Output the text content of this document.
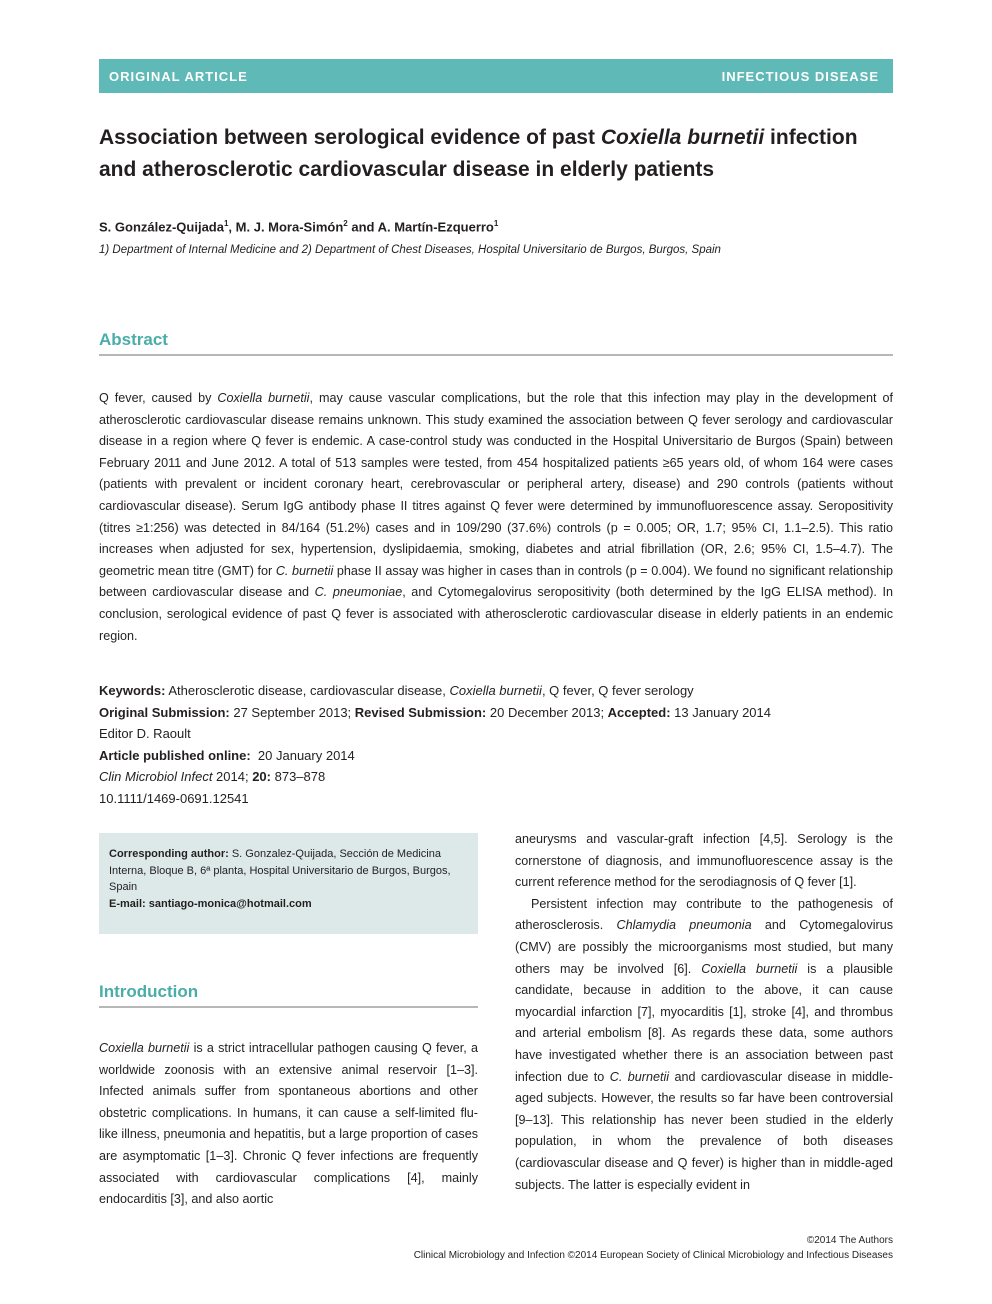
ORIGINAL ARTICLE	INFECTIOUS DISEASE
Association between serological evidence of past Coxiella burnetii infection and atherosclerotic cardiovascular disease in elderly patients
S. González-Quijada$^1$, M. J. Mora-Simón$^2$ and A. Martín-Ezquerro$^1$
1) Department of Internal Medicine and 2) Department of Chest Diseases, Hospital Universitario de Burgos, Burgos, Spain
Abstract

Q fever, caused by Coxiella burnetii, may cause vascular complications, but the role that this infection may play in the development of atherosclerotic cardiovascular disease remains unknown. This study examined the association between Q fever serology and cardiovascular disease in a region where Q fever is endemic. A case-control study was conducted in the Hospital Universitario de Burgos (Spain) between February 2011 and June 2012. A total of 513 samples were tested, from 454 hospitalized patients ≥65 years old, of whom 164 were cases (patients with prevalent or incident coronary heart, cerebrovascular or peripheral artery, disease) and 290 controls (patients without cardiovascular disease). Serum IgG antibody phase II titres against Q fever were determined by immunofluorescence assay. Seropositivity (titres ≥1:256) was detected in 84/164 (51.2%) cases and in 109/290 (37.6%) controls (p = 0.005; OR, 1.7; 95% CI, 1.1–2.5). This ratio increases when adjusted for sex, hypertension, dyslipidaemia, smoking, diabetes and atrial fibrillation (OR, 2.6; 95% CI, 1.5–4.7). The geometric mean titre (GMT) for C. burnetii phase II assay was higher in cases than in controls (p = 0.004). We found no significant relationship between cardiovascular disease and C. pneumoniae, and Cytomegalovirus seropositivity (both determined by the IgG ELISA method). In conclusion, serological evidence of past Q fever is associated with atherosclerotic cardiovascular disease in elderly patients in an endemic region.

Keywords: Atherosclerotic disease, cardiovascular disease, Coxiella burnetii, Q fever, Q fever serology
Original Submission: 27 September 2013; Revised Submission: 20 December 2013; Accepted: 13 January 2014
Editor D. Raoult
Article published online:  20 January 2014
Clin Microbiol Infect 2014; 20: 873–878
10.1111/1469-0691.12541
Corresponding author: S. Gonzalez-Quijada, Sección de Medicina Interna, Bloque B, 6ª planta, Hospital Universitario de Burgos, Burgos, Spain
E-mail: santiago-monica@hotmail.com
Introduction

Coxiella burnetii is a strict intracellular pathogen causing Q fever, a worldwide zoonosis with an extensive animal reservoir [1–3]. Infected animals suffer from spontaneous abortions and other obstetric complications. In humans, it can cause a self-limited flu-like illness, pneumonia and hepatitis, but a large proportion of cases are asymptomatic [1–3]. Chronic Q fever infections are frequently associated with cardiovascular complications [4], mainly endocarditis [3], and also aortic

aneurysms and vascular-graft infection [4,5]. Serology is the cornerstone of diagnosis, and immunofluorescence assay is the current reference method for the serodiagnosis of Q fever [1].

Persistent infection may contribute to the pathogenesis of atherosclerosis. Chlamydia pneumonia and Cytomegalovirus (CMV) are possibly the microorganisms most studied, but many others may be involved [6]. Coxiella burnetii is a plausible candidate, because in addition to the above, it can cause myocardial infarction [7], myocarditis [1], stroke [4], and thrombus and arterial embolism [8]. As regards these data, some authors have investigated whether there is an association between past infection due to C. burnetii and cardiovascular disease in middle-aged subjects. However, the results so far have been controversial [9–13]. This relationship has never been studied in the elderly population, in whom the prevalence of both diseases (cardiovascular disease and Q fever) is higher than in middle-aged subjects. The latter is especially evident in

©2014 The Authors
Clinical Microbiology and Infection ©2014 European Society of Clinical Microbiology and Infectious Diseases
